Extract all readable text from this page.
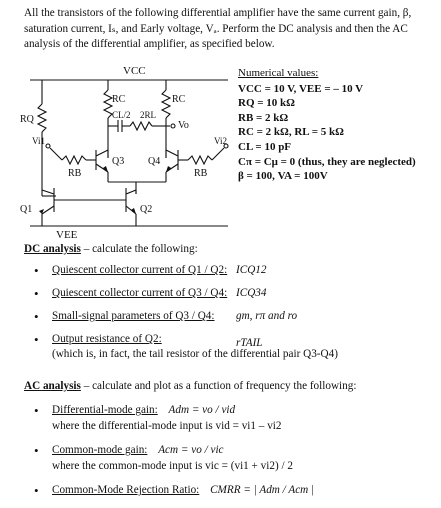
All the transistors of the following differential amplifier have the same current gain, β,
saturation current, Iₛ, and Early voltage, Vₐ. Perform the DC analysis and then the AC
analysis of the differential amplifier, as specified below.
VCC
RQ
RC	RC
CL/2 2RL
Vo
Vi1	Vi2
Q3 Q4
RB	RB
Q1	Q2
VEE
Numerical values:
VCC = 10 V, VEE = – 10 V
RQ = 10 kΩ
RB = 2 kΩ
RC = 2 kΩ, RL = 5 kΩ
CL = 10 pF
Cπ = Cμ = 0 (thus, they are neglected)
β = 100, VA = 100V
DC analysis – calculate the following:
• Quiescent collector current of Q1 / Q2: ICQ12
• Quiescent collector current of Q3 / Q4: ICQ34
• Small-signal parameters of Q3 / Q4: gm, rπ and ro
• Output resistance of Q2:	rTAIL
(which is, in fact, the tail resistor of the differential pair Q3-Q4)
AC analysis – calculate and plot as a function of frequency the following:
• Differential-mode gain: Adm = vo / vid
where the differential-mode input is vid = vi1 – vi2
• Common-mode gain: Acm = vo / vic
where the common-mode input is vic = (vi1 + vi2) / 2
• Common-Mode Rejection Ratio: CMRR = | Adm / Acm |
